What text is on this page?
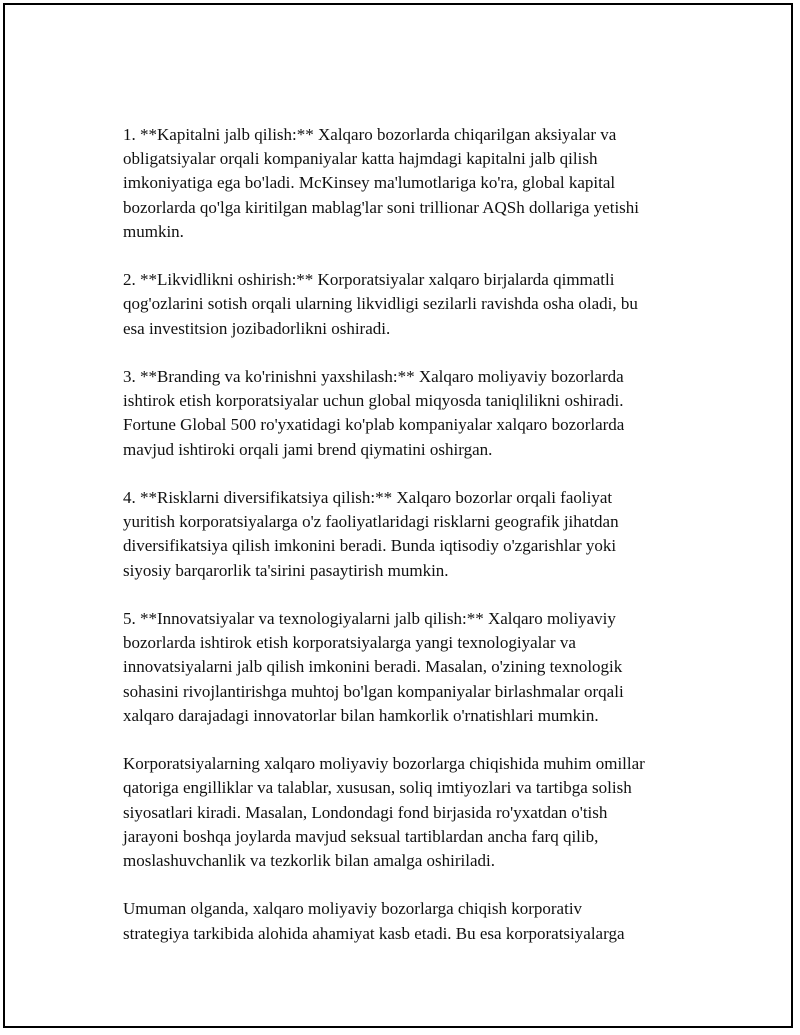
1. **Kapitalni jalb qilish:** Xalqaro bozorlarda chiqarilgan aksiyalar va
obligatsiyalar orqali kompaniyalar katta hajmdagi kapitalni jalb qilish
imkoniyatiga ega bo'ladi. McKinsey ma'lumotlariga ko'ra, global kapital
bozorlarda qo'lga kiritilgan mablag'lar soni trillionar AQSh dollariga yetishi
mumkin.

2. **Likvidlikni oshirish:** Korporatsiyalar xalqaro birjalarda qimmatli
qog'ozlarini sotish orqali ularning likvidligi sezilarli ravishda osha oladi, bu
esa investitsion jozibadorlikni oshiradi.

3. **Branding va ko'rinishni yaxshilash:** Xalqaro moliyaviy bozorlarda
ishtirok etish korporatsiyalar uchun global miqyosda taniqlilikni oshiradi.
Fortune Global 500 ro'yxatidagi ko'plab kompaniyalar xalqaro bozorlarda
mavjud ishtiroki orqali jami brend qiymatini oshirgan.

4. **Risklarni diversifikatsiya qilish:** Xalqaro bozorlar orqali faoliyat
yuritish korporatsiyalarga o'z faoliyatlaridagi risklarni geografik jihatdan
diversifikatsiya qilish imkonini beradi. Bunda iqtisodiy o'zgarishlar yoki
siyosiy barqarorlik ta'sirini pasaytirish mumkin.

5. **Innovatsiyalar va texnologiyalarni jalb qilish:** Xalqaro moliyaviy
bozorlarda ishtirok etish korporatsiyalarga yangi texnologiyalar va
innovatsiyalarni jalb qilish imkonini beradi. Masalan, o'zining texnologik
sohasini rivojlantirishga muhtoj bo'lgan kompaniyalar birlashmalar orqali
xalqaro darajadagi innovatorlar bilan hamkorlik o'rnatishlari mumkin.

Korporatsiyalarning xalqaro moliyaviy bozorlarga chiqishida muhim omillar
qatoriga engilliklar va talablar, xususan, soliq imtiyozlari va tartibga solish
siyosatlari kiradi. Masalan, Londondagi fond birjasida ro'yxatdan o'tish
jarayoni boshqa joylarda mavjud seksual tartiblardan ancha farq qilib,
moslashuvchanlik va tezkorlik bilan amalga oshiriladi.

Umuman olganda, xalqaro moliyaviy bozorlarga chiqish korporativ
strategiya tarkibida alohida ahamiyat kasb etadi. Bu esa korporatsiyalarga
